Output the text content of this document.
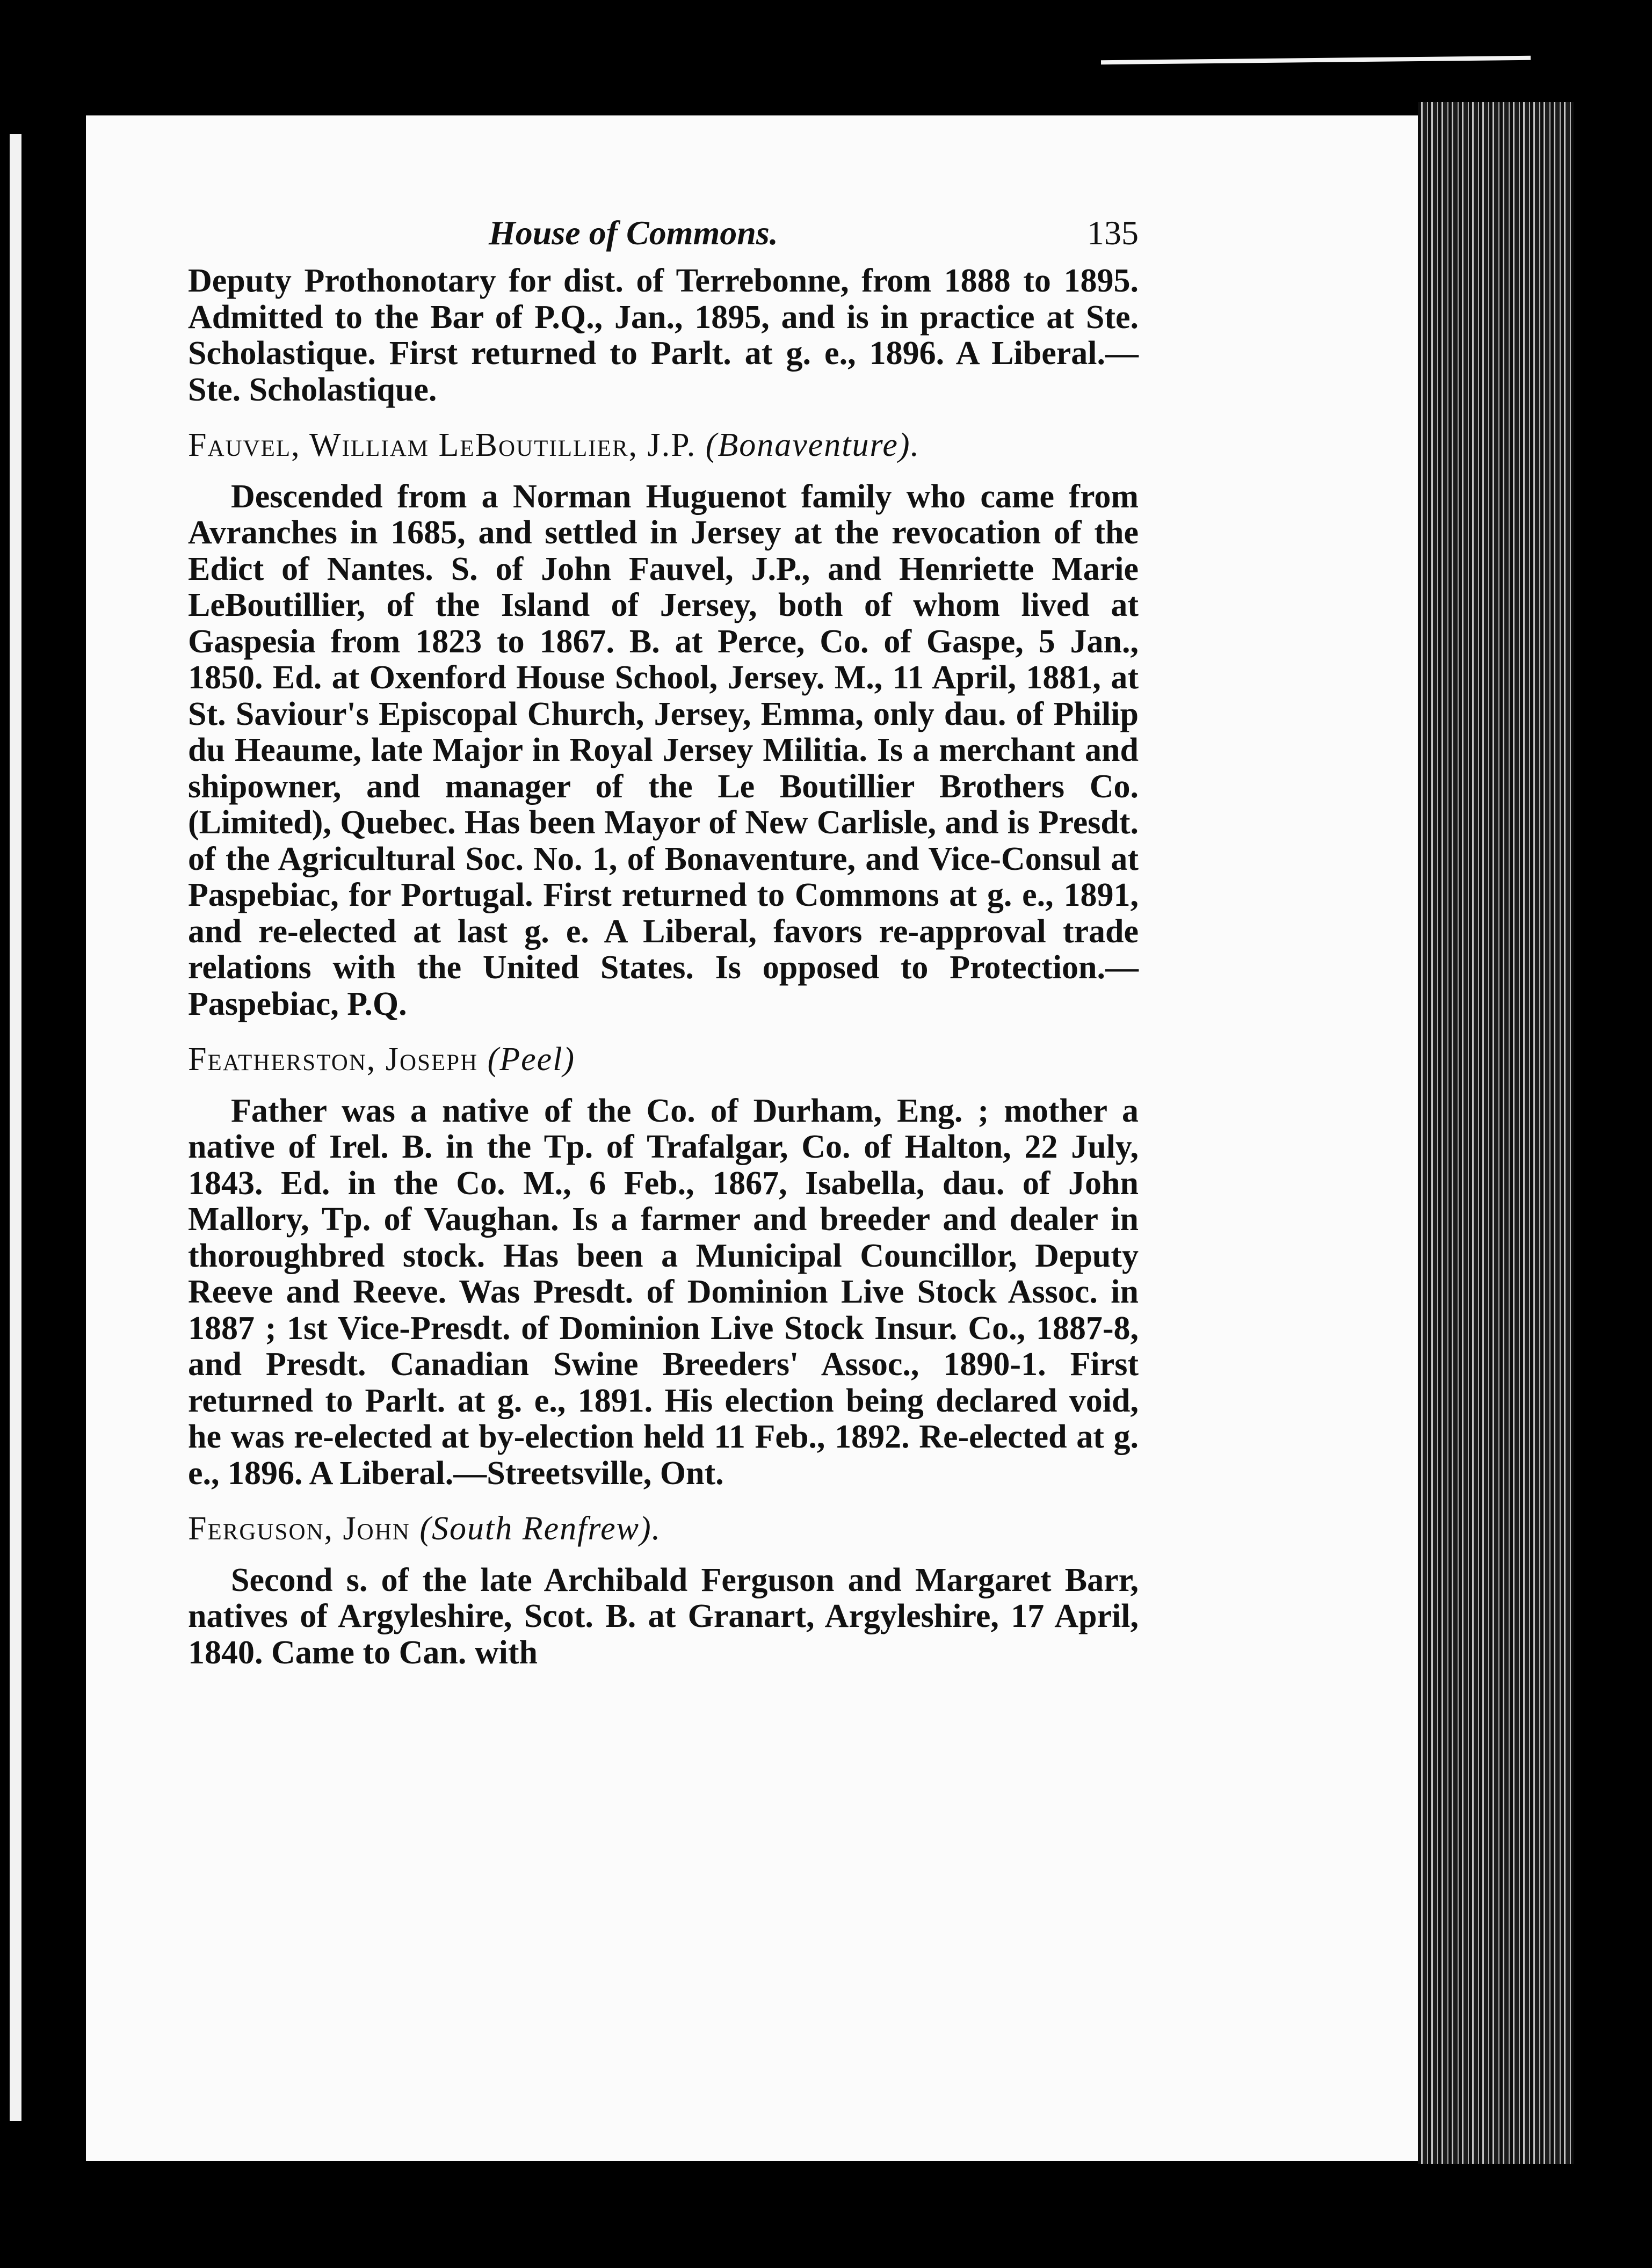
House of Commons.	135

Deputy Prothonotary for dist. of Terrebonne, from 1888 to 1895. Admitted to the Bar of P.Q., Jan., 1895, and is in practice at Ste. Scholastique. First returned to Parlt. at g. e., 1896. A Liberal.—Ste. Scholastique.

Fauvel, William LeBoutillier, J.P. (Bonaventure).

Descended from a Norman Huguenot family who came from Avranches in 1685, and settled in Jersey at the revocation of the Edict of Nantes. S. of John Fauvel, J.P., and Henriette Marie LeBoutillier, of the Island of Jersey, both of whom lived at Gaspesia from 1823 to 1867. B. at Perce, Co. of Gaspe, 5 Jan., 1850. Ed. at Oxenford House School, Jersey. M., 11 April, 1881, at St. Saviour's Episcopal Church, Jersey, Emma, only dau. of Philip du Heaume, late Major in Royal Jersey Militia. Is a merchant and shipowner, and manager of the Le Boutillier Brothers Co. (Limited), Quebec. Has been Mayor of New Carlisle, and is Presdt. of the Agricultural Soc. No. 1, of Bonaventure, and Vice-Consul at Paspebiac, for Portugal. First returned to Commons at g. e., 1891, and re-elected at last g. e. A Liberal, favors re-approval trade relations with the United States. Is opposed to Protection.—Paspebiac, P.Q.

Featherston, Joseph (Peel)

Father was a native of the Co. of Durham, Eng. ; mother a native of Irel. B. in the Tp. of Trafalgar, Co. of Halton, 22 July, 1843. Ed. in the Co. M., 6 Feb., 1867, Isabella, dau. of John Mallory, Tp. of Vaughan. Is a farmer and breeder and dealer in thoroughbred stock. Has been a Municipal Councillor, Deputy Reeve and Reeve. Was Presdt. of Dominion Live Stock Assoc. in 1887 ; 1st Vice-Presdt. of Dominion Live Stock Insur. Co., 1887-8, and Presdt. Canadian Swine Breeders' Assoc., 1890-1. First returned to Parlt. at g. e., 1891. His election being declared void, he was re-elected at by-election held 11 Feb., 1892. Re-elected at g. e., 1896. A Liberal.—Streetsville, Ont.

Ferguson, John (South Renfrew).

Second s. of the late Archibald Ferguson and Margaret Barr, natives of Argyleshire, Scot. B. at Granart, Argyleshire, 17 April, 1840. Came to Can. with
